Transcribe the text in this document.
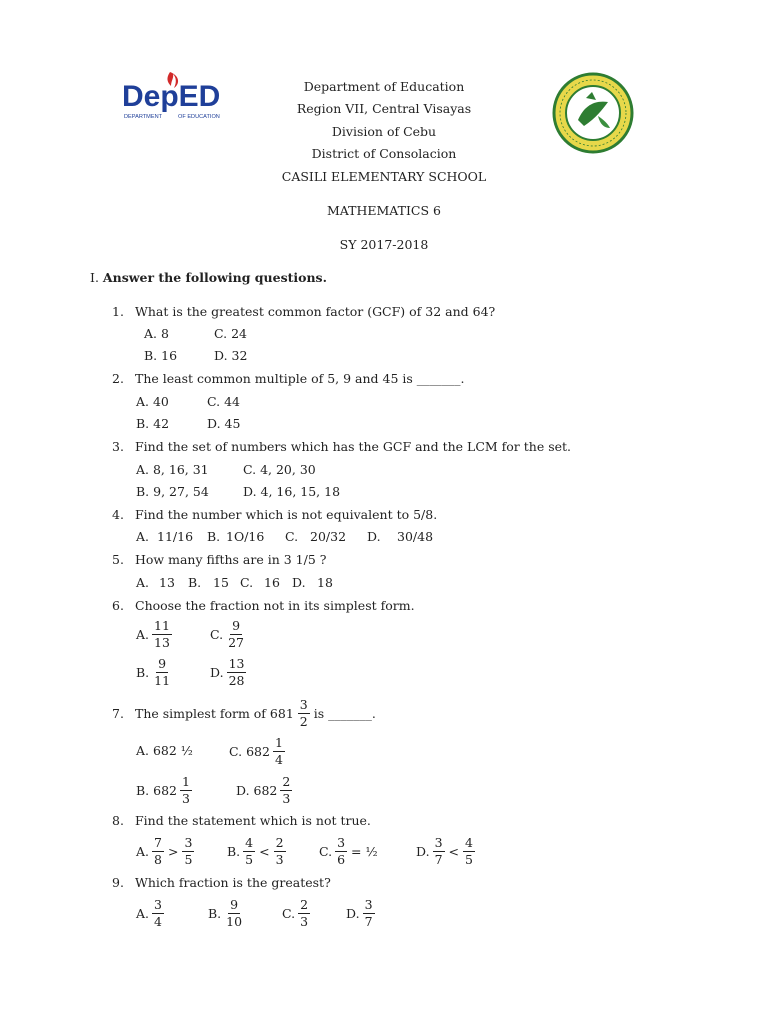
DepED
DEPARTMENT	OF EDUCATION
Department of Education
Region VII, Central Visayas
Division of Cebu
District of Consolacion
CASILI ELEMENTARY SCHOOL
MATHEMATICS 6
SY 2017-2018
I. Answer the following questions.
1. What is the greatest common factor (GCF) of 32 and 64?
A. 8	C. 24
B. 16	D. 32
2. The least common multiple of 5, 9 and 45 is _______.
A. 40	C. 44
B. 42	D. 45
3. Find the set of numbers which has the GCF and the LCM for the set.
A. 8, 16, 31	C. 4, 20, 30
B. 9, 27, 54	D. 4, 16, 15, 18
4. Find the number which is not equivalent to 5/8.
A. 11/16 B. 1O/16 C. 20/32 D. 30/48
5. How many fifths are in 3 1/5 ?
A. 13 B. 15 C. 16 D. 18
6. Choose the fraction not in its simplest form.
A. $\frac{11}{13}$	C. $\frac{9}{27}$
B. $\frac{9}{11}$	D. $\frac{13}{28}$
7. The simplest form of $681 \frac{3}{2}$ is _______.
A. 682 ½	C. $682 \frac{1}{4}$
B. $682 \frac{1}{3}$	D. $682 \frac{2}{3}$
8. Find the statement which is not true.
A. $\frac{7}{8} > \frac{3}{5}$	B. $\frac{4}{5} < \frac{2}{3}$	C. $\frac{3}{6}$ = ½	D. $\frac{3}{7} < \frac{4}{5}$
9. Which fraction is the greatest?
A. $\frac{3}{4}$	B. $\frac{9}{10}$	C. $\frac{2}{3}$	D. $\frac{3}{7}$
